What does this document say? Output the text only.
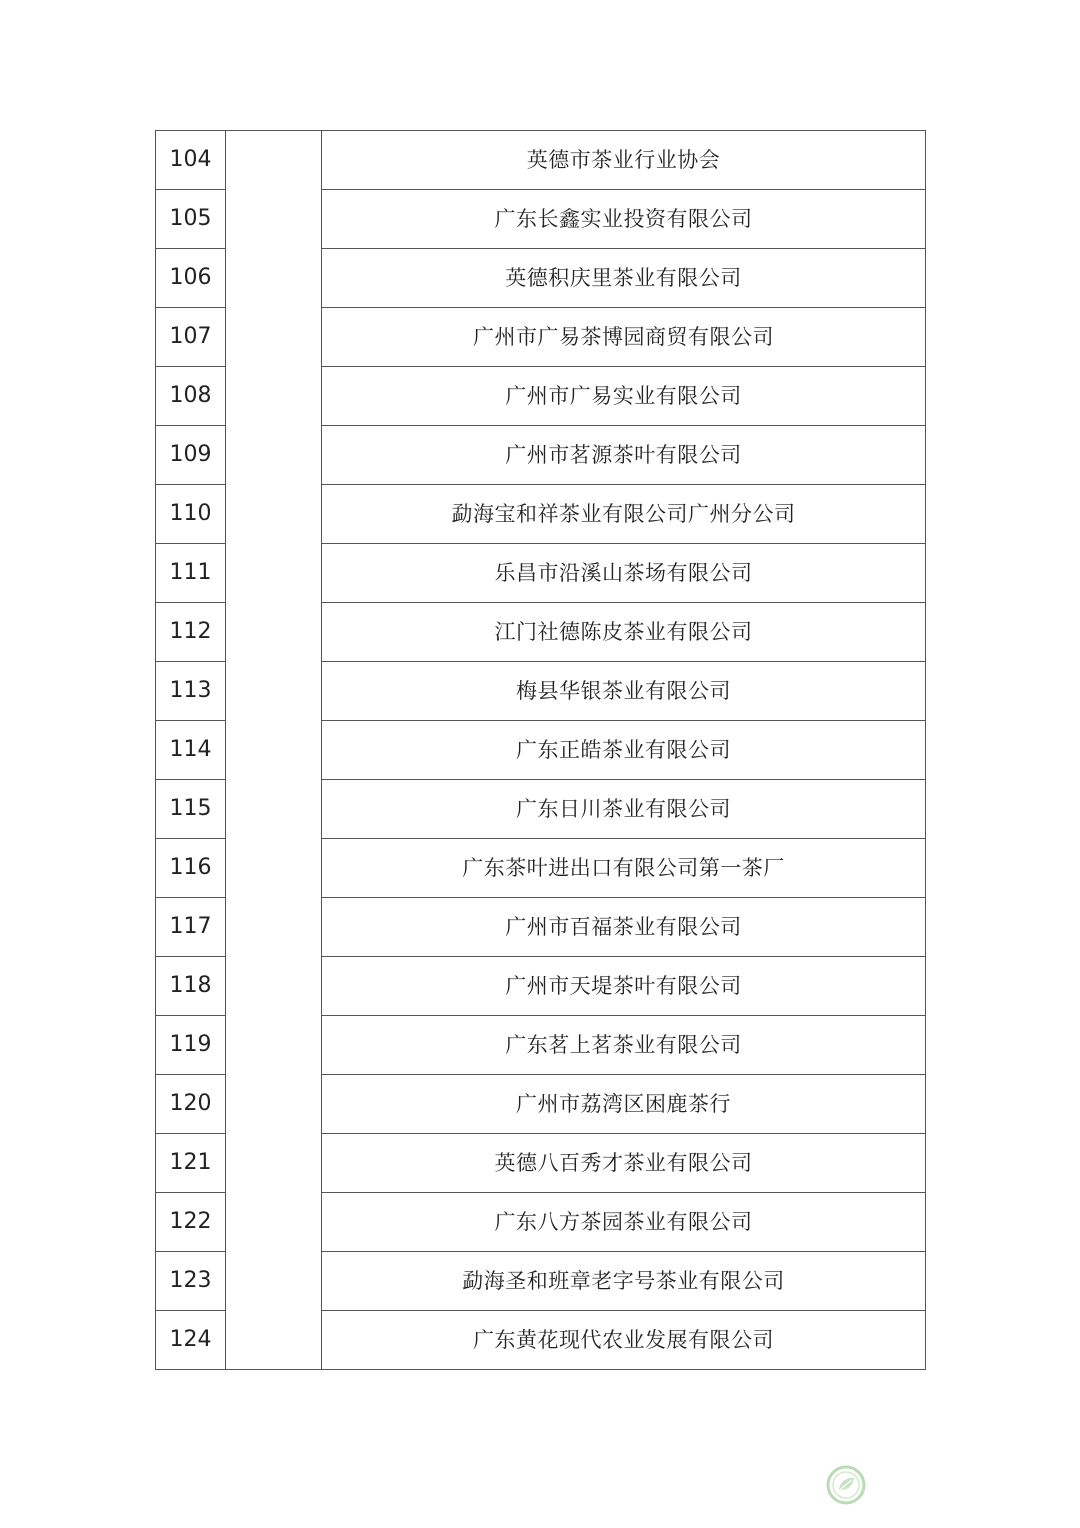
104		英德市茶业行业协会
105		广东长鑫实业投资有限公司
106		英德积庆里茶业有限公司
107		广州市广易茶博园商贸有限公司
108		广州市广易实业有限公司
109		广州市茗源茶叶有限公司
110		勐海宝和祥茶业有限公司广州分公司
111		乐昌市沿溪山茶场有限公司
112		江门社德陈皮茶业有限公司
113		梅县华银茶业有限公司
114		广东正皓茶业有限公司
115		广东日川茶业有限公司
116		广东茶叶进出口有限公司第一茶厂
117		广州市百福茶业有限公司
118		广州市天堤茶叶有限公司
119		广东茗上茗茶业有限公司
120		广州市荔湾区困鹿茶行
121		英德八百秀才茶业有限公司
122		广东八方茶园茶业有限公司
123		勐海圣和班章老字号茶业有限公司
124		广东黄花现代农业发展有限公司
